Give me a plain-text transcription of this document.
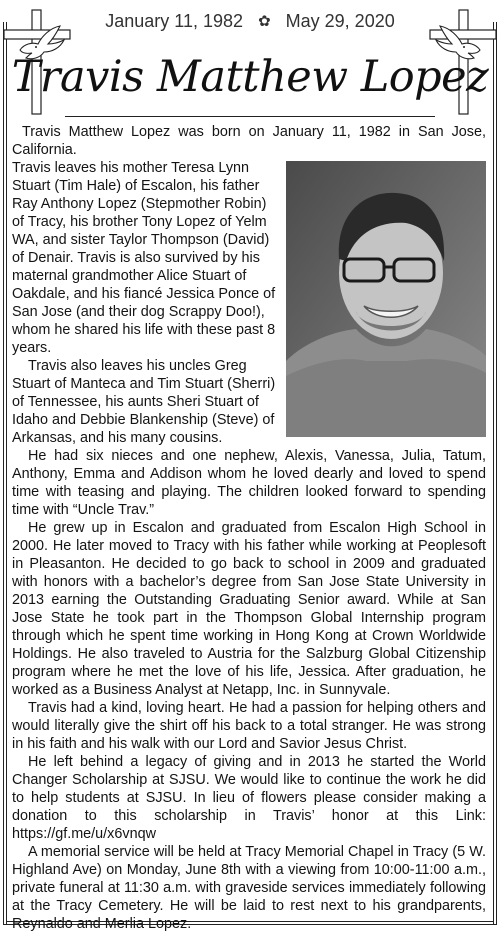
January 11, 1982 ✿ May 29, 2020
Travis Matthew Lopez

Travis Matthew Lopez was born on January 11, 1982 in San Jose, California.

Travis leaves his mother Teresa Lynn Stuart (Tim Hale) of Escalon, his father Ray Anthony Lopez (Stepmother Robin) of Tracy, his brother Tony Lopez of Yelm WA, and sister Taylor Thompson (David) of Denair. Travis is also survived by his maternal grandmother Alice Stuart of Oakdale, and his fiancé Jessica Ponce of San Jose (and their dog Scrappy Doo!), whom he shared his life with these past 8 years.

Travis also leaves his uncles Greg Stuart of Manteca and Tim Stuart (Sherri) of Tennessee, his aunts Sheri Stuart of Idaho and Debbie Blankenship (Steve) of Arkansas, and his many cousins.

He had six nieces and one nephew, Alexis, Vanessa, Julia, Tatum, Anthony, Emma and Addison whom he loved dearly and loved to spend time with teasing and playing. The children looked forward to spending time with “Uncle Trav.”

He grew up in Escalon and graduated from Escalon High School in 2000. He later moved to Tracy with his father while working at Peoplesoft in Pleasanton. He decided to go back to school in 2009 and graduated with honors with a bachelor’s degree from San Jose State University in 2013 earning the Outstanding Graduating Senior award. While at San Jose State he took part in the Thompson Global Internship program through which he spent time working in Hong Kong at Crown Worldwide Holdings. He also traveled to Austria for the Salzburg Global Citizenship program where he met the love of his life, Jessica. After graduation, he worked as a Business Analyst at Netapp, Inc. in Sunnyvale.

Travis had a kind, loving heart. He had a passion for helping others and would literally give the shirt off his back to a total stranger. He was strong in his faith and his walk with our Lord and Savior Jesus Christ.

He left behind a legacy of giving and in 2013 he started the World Changer Scholarship at SJSU. We would like to continue the work he did to help students at SJSU. In lieu of flowers please consider making a donation to this scholarship in Travis’ honor at this Link: https://gf.me/u/x6vnqw

A memorial service will be held at Tracy Memorial Chapel in Tracy (5 W. Highland Ave) on Monday, June 8th with a viewing from 10:00-11:00 a.m., private funeral at 11:30 a.m. with graveside services immediately following at the Tracy Cemetery. He will be laid to rest next to his grandparents, Reynaldo and Merlia Lopez.
